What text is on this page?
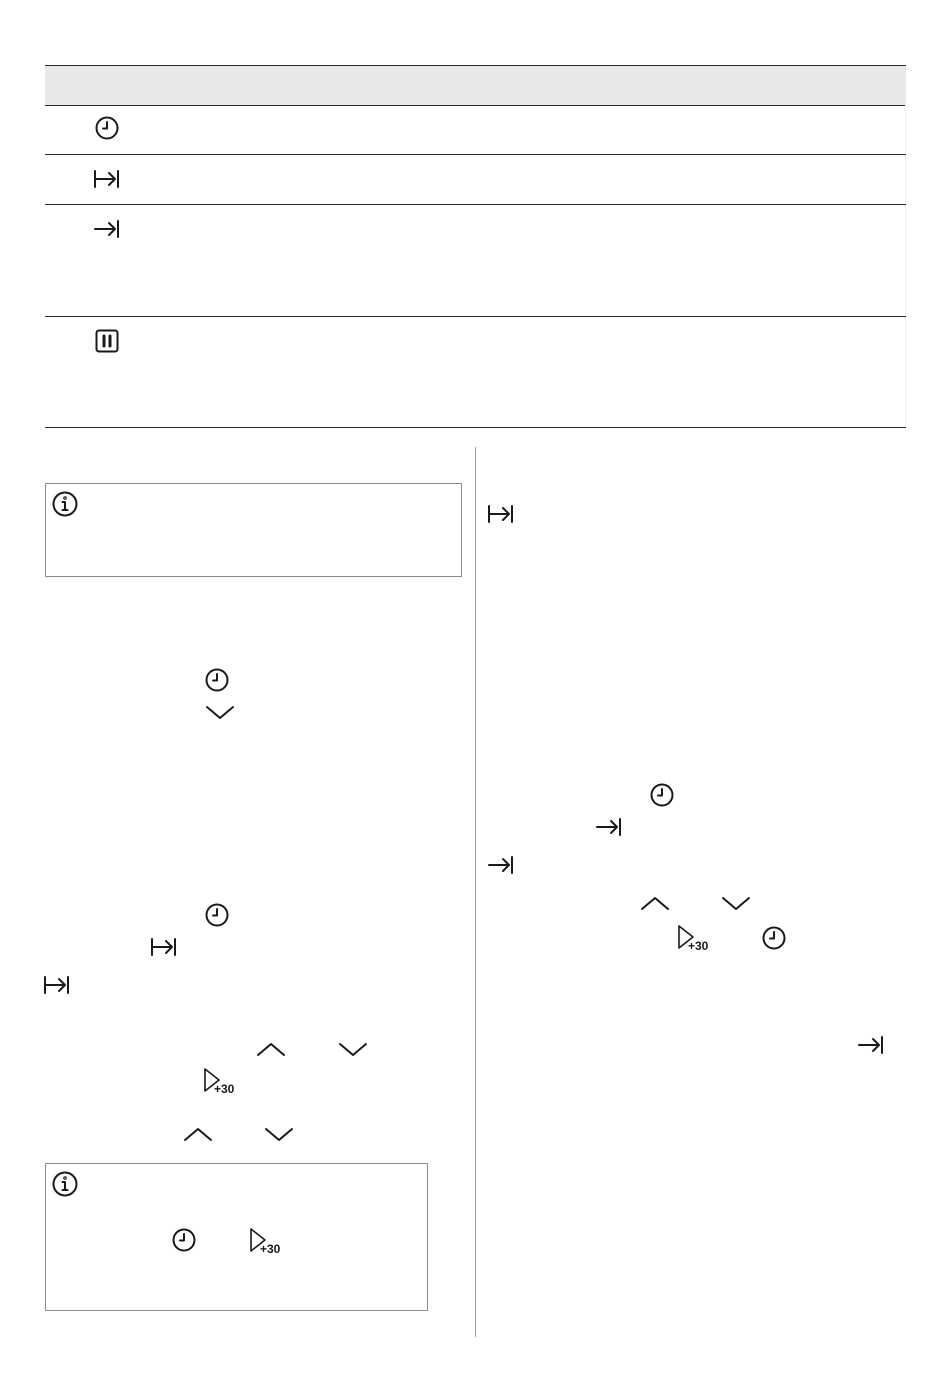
+30
+30
+30
